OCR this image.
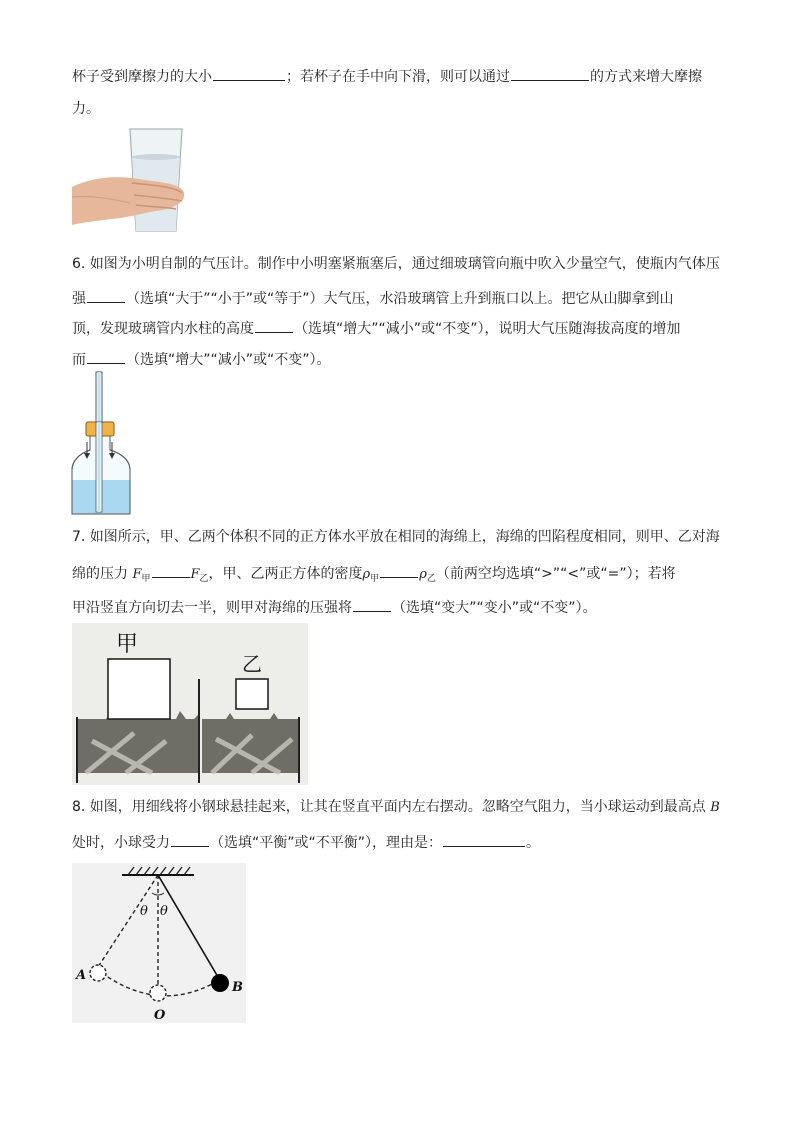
杯子受到摩擦力的大小	；若杯子在手中向下滑，则可以通过	的方式来增大摩擦
力。
6. 如图为小明自制的气压计。制作中小明塞紧瓶塞后，通过细玻璃管向瓶中吹入少量空气，使瓶内气体压
强	（选填“大于”“小于”或“等于”）大气压，水沿玻璃管上升到瓶口以上。把它从山脚拿到山
顶，发现玻璃管内水柱的高度	（选填“增大”“减小”或“不变”），说明大气压随海拔高度的增加
而	（选填“增大”“减小”或“不变”）。
7. 如图所示，甲、乙两个体积不同的正方体水平放在相同的海绵上，海绵的凹陷程度相同，则甲、乙对海
绵的压力 $F_甲$	$F_乙$，甲、乙两正方体的密度$\rho_甲$	$\rho_乙$（前两空均选填“>”“<”或“=”）；若将
甲沿竖直方向切去一半，则甲对海绵的压强将	（选填“变大”“变小”或“不变”）。
甲
乙
8. 如图，用细线将小钢球悬挂起来，让其在竖直平面内左右摆动。忽略空气阻力，当小球运动到最高点 B
处时，小球受力	（选填“平衡”或“不平衡”），理由是：	。
θ θ
A
B
O
